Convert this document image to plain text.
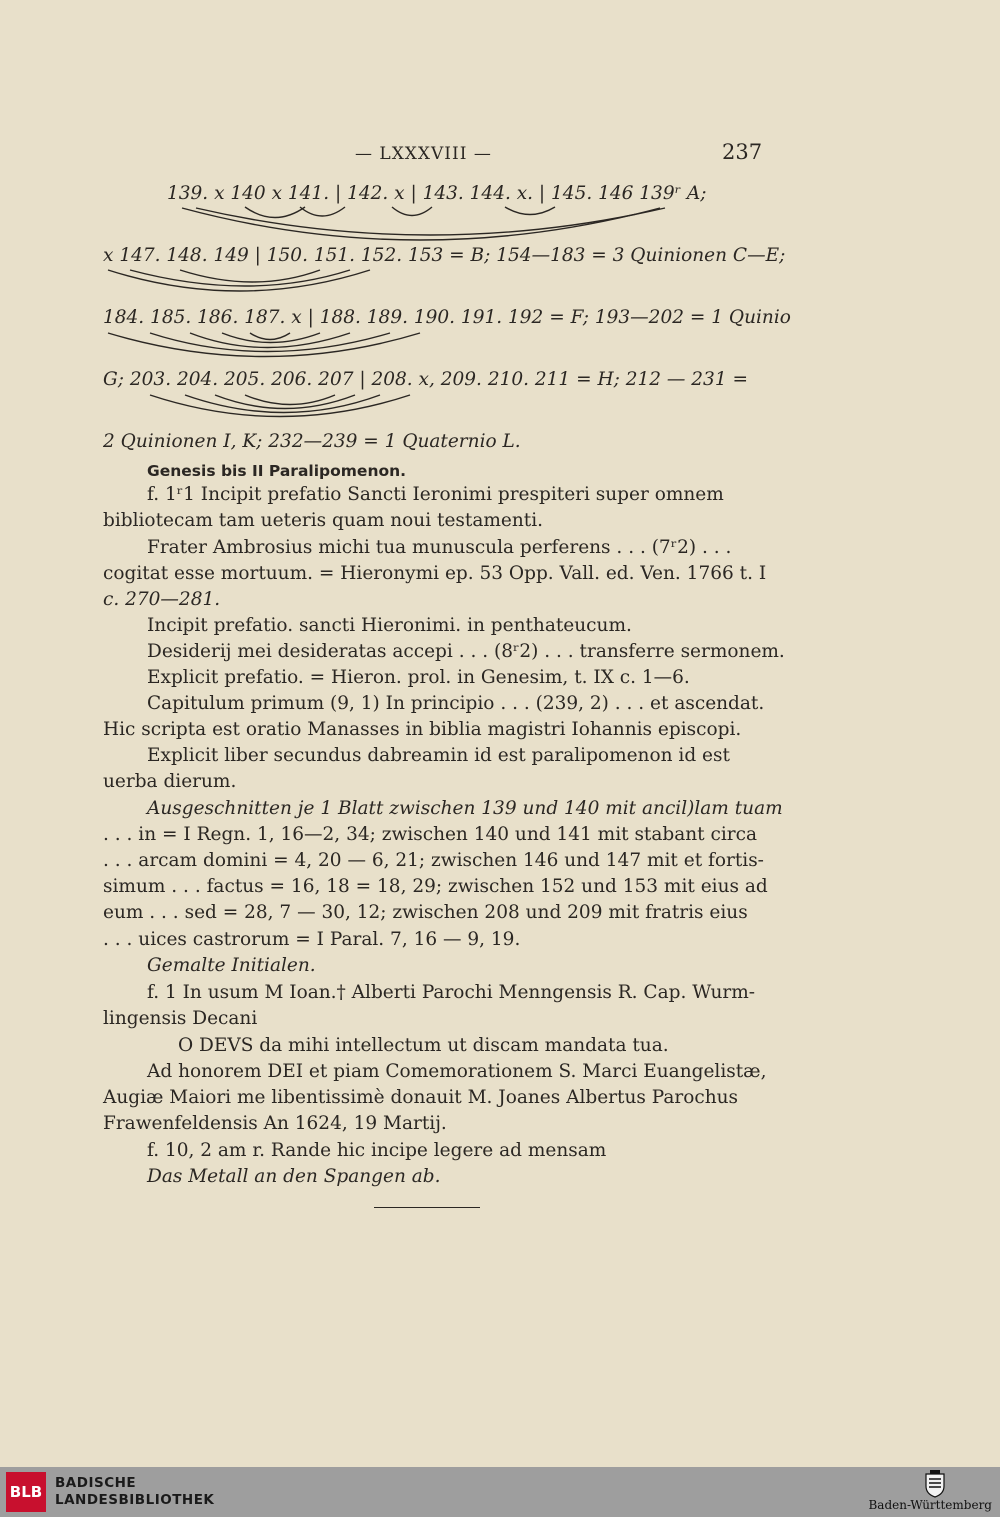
— LXXXVIII —	237
139. x 140 x 141. | 142. x | 143. 144. x. | 145. 146 139ʳ A;
x 147. 148. 149 | 150. 151. 152. 153 = B; 154—183 = 3 Quinionen C—E;
184. 185. 186. 187. x | 188. 189. 190. 191. 192 = F; 193—202 = 1 Quinio
G; 203. 204. 205. 206. 207 | 208. x, 209. 210. 211 = H; 212 — 231 =
2 Quinionen I, K; 232—239 = 1 Quaternio L.
Genesis bis II Paralipomenon.
f. 1ʳ1 Incipit prefatio Sancti Ieronimi prespiteri super omnem
bibliotecam tam ueteris quam noui testamenti.
Frater Ambrosius michi tua munuscula perferens . . . (7ʳ2) . . .
cogitat esse mortuum. = Hieronymi ep. 53 Opp. Vall. ed. Ven. 1766 t. I
c. 270—281.
Incipit prefatio. sancti Hieronimi. in penthateucum.
Desiderij mei desideratas accepi . . . (8ʳ2) . . . transferre sermonem.
Explicit prefatio. = Hieron. prol. in Genesim, t. IX c. 1—6.
Capitulum primum (9, 1) In principio . . . (239, 2) . . . et ascendat.
Hic scripta est oratio Manasses in biblia magistri Iohannis episcopi.
Explicit liber secundus dabreamin id est paralipomenon id est
uerba dierum.
Ausgeschnitten je 1 Blatt zwischen 139 und 140 mit ancil)lam tuam
. . . in = I Regn. 1, 16—2, 34; zwischen 140 und 141 mit stabant circa
. . . arcam domini = 4, 20 — 6, 21; zwischen 146 und 147 mit et fortis-
simum . . . factus = 16, 18 = 18, 29; zwischen 152 und 153 mit eius ad
eum . . . sed = 28, 7 — 30, 12; zwischen 208 und 209 mit fratris eius
. . . uices castrorum = I Paral. 7, 16 — 9, 19.
Gemalte Initialen.
f. 1 In usum M Ioan.† Alberti Parochi Menngensis R. Cap. Wurm-
lingensis Decani
O DEVS da mihi intellectum ut discam mandata tua.
Ad honorem DEI et piam Comemorationem S. Marci Euangelistæ,
Augiæ Maiori me libentissimè donauit M. Joanes Albertus Parochus
Frawenfeldensis An 1624, 19 Martij.
f. 10, 2 am r. Rande hic incipe legere ad mensam
Das Metall an den Spangen ab.
BLB BADISCHE
LANDESBIBLIOTHEK	Baden-Württemberg
